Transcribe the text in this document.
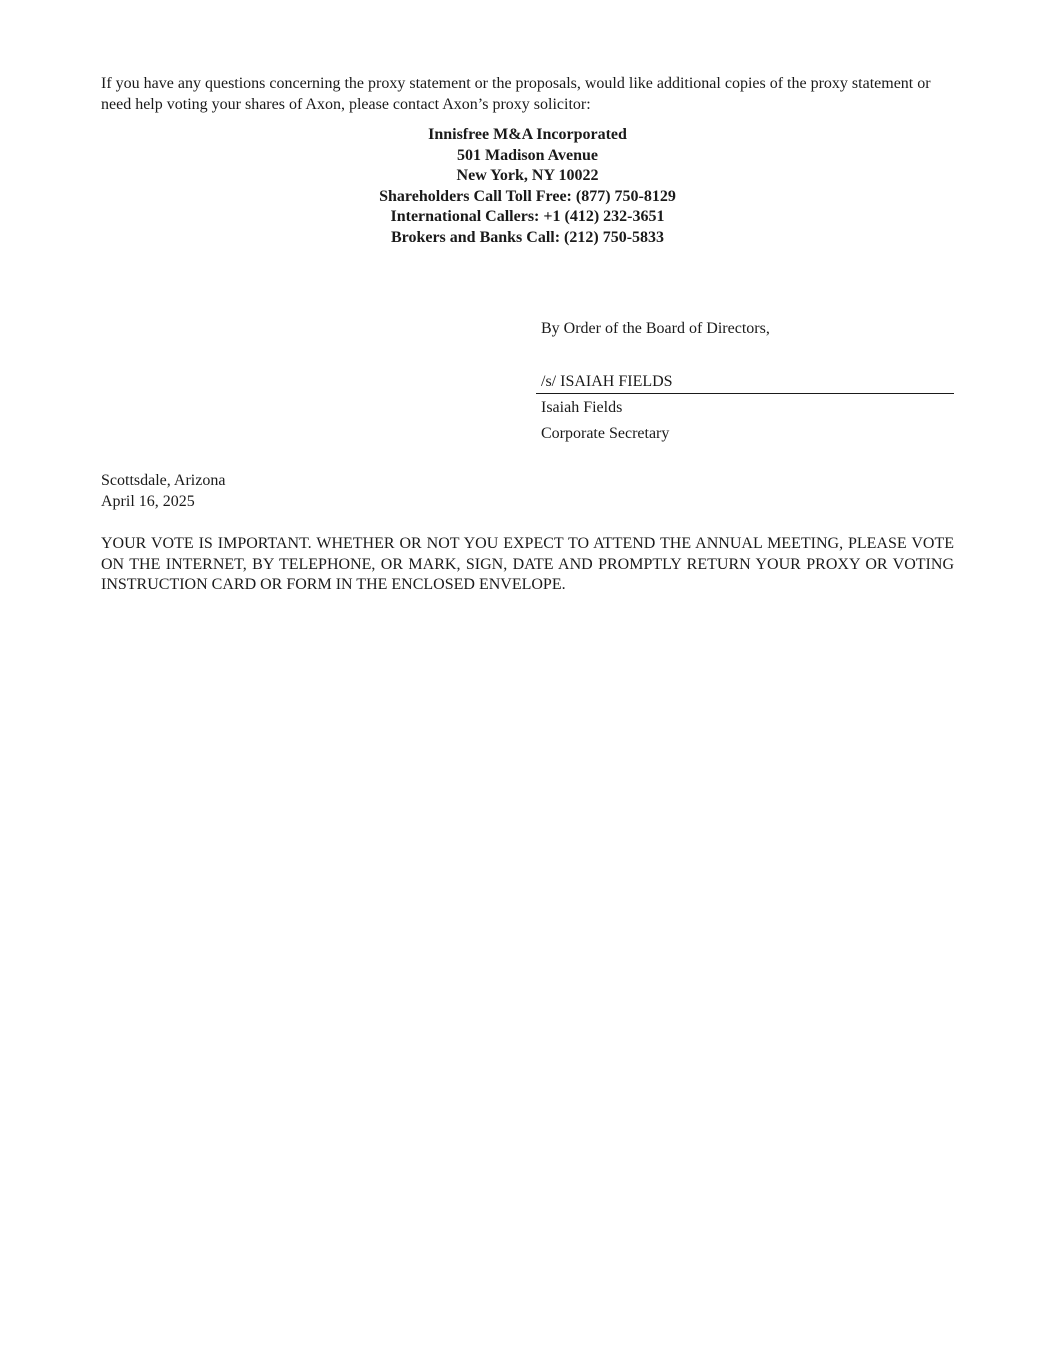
If you have any questions concerning the proxy statement or the proposals, would like additional copies of the proxy statement or need help voting your shares of Axon, please contact Axon’s proxy solicitor:

Innisfree M&A Incorporated
501 Madison Avenue
New York, NY 10022
Shareholders Call Toll Free: (877) 750-8129
International Callers: +1 (412) 232-3651
Brokers and Banks Call: (212) 750-5833
By Order of the Board of Directors,
/s/ ISAIAH FIELDS
Isaiah Fields
Corporate Secretary
Scottsdale, Arizona
April 16, 2025

YOUR VOTE IS IMPORTANT. WHETHER OR NOT YOU EXPECT TO ATTEND THE ANNUAL MEETING, PLEASE VOTE ON THE INTERNET, BY TELEPHONE, OR MARK, SIGN, DATE AND PROMPTLY RETURN YOUR PROXY OR VOTING INSTRUCTION CARD OR FORM IN THE ENCLOSED ENVELOPE.
